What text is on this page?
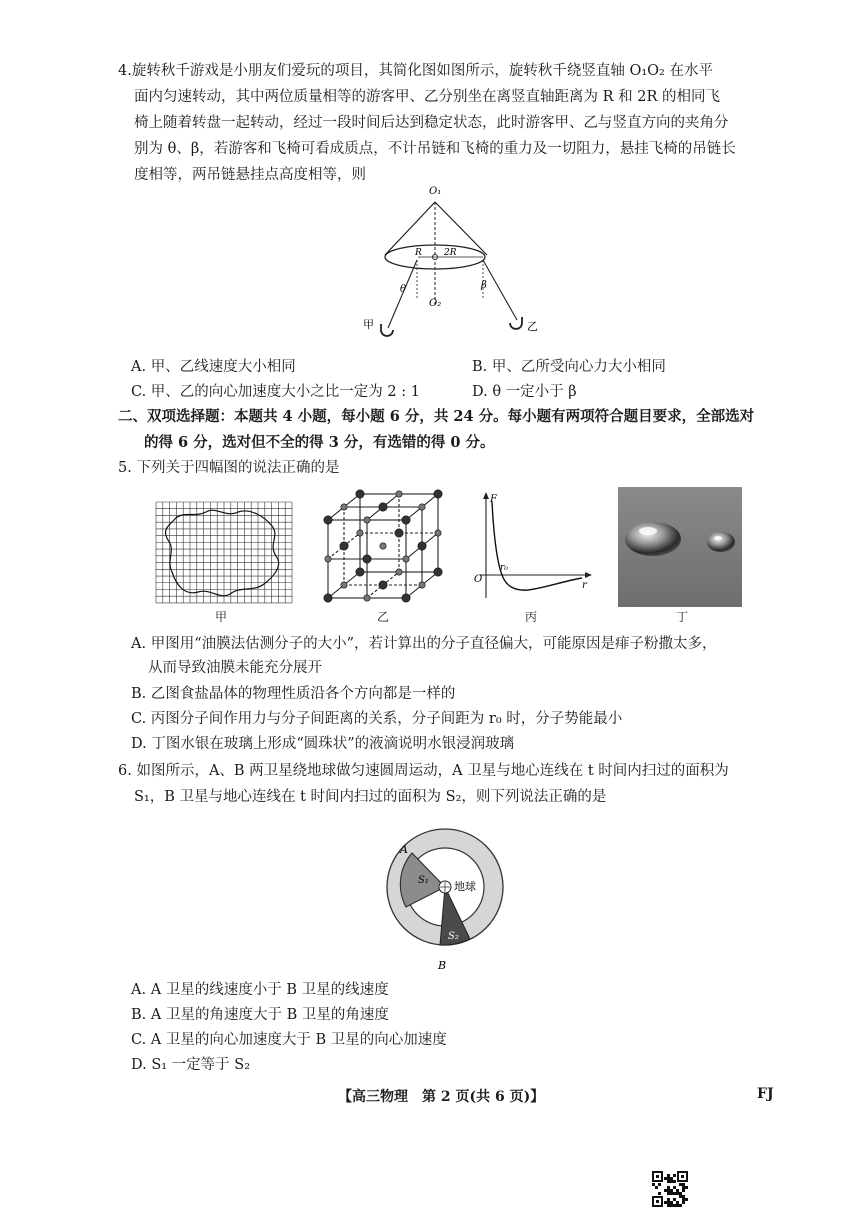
4.旋转秋千游戏是小朋友们爱玩的项目，其简化图如图所示，旋转秋千绕竖直轴 O₁O₂ 在水平

面内匀速转动，其中两位质量相等的游客甲、乙分别坐在离竖直轴距离为 R 和 2R 的相同飞

椅上随着转盘一起转动，经过一段时间后达到稳定状态，此时游客甲、乙与竖直方向的夹角分

别为 θ、β，若游客和飞椅可看成质点，不计吊链和飞椅的重力及一切阻力，悬挂飞椅的吊链长

度相等，两吊链悬挂点高度相等，则

O₁
O₂
R 2R
θ	β
甲	乙
A. 甲、乙线速度大小相同	B. 甲、乙所受向心力大小相同
C. 甲、乙的向心加速度大小之比一定为 2 : 1	D. θ 一定小于 β
二、双项选择题：本题共 4 小题，每小题 6 分，共 24 分。每小题有两项符合题目要求，全部选对
的得 6 分，选对但不全的得 3 分，有选错的得 0 分。
5. 下列关于四幅图的说法正确的是
甲	乙
F
O
r₀
r
丙	丁
A. 甲图用“油膜法估测分子的大小”，若计算出的分子直径偏大，可能原因是痱子粉撒太多，
从而导致油膜未能充分展开
B. 乙图食盐晶体的物理性质沿各个方向都是一样的
C. 丙图分子间作用力与分子间距离的关系，分子间距为 r₀ 时，分子势能最小
D. 丁图水银在玻璃上形成“圆珠状”的液滴说明水银浸润玻璃

6. 如图所示，A、B 两卫星绕地球做匀速圆周运动，A 卫星与地心连线在 t 时间内扫过的面积为

S₁，B 卫星与地心连线在 t 时间内扫过的面积为 S₂，则下列说法正确的是

A
B
S₁
S₂
地球
A. A 卫星的线速度小于 B 卫星的线速度
B. A 卫星的角速度大于 B 卫星的角速度
C. A 卫星的向心加速度大于 B 卫星的向心加速度
D. S₁ 一定等于 S₂
【高三物理　第 2 页(共 6 页)】	FJ
